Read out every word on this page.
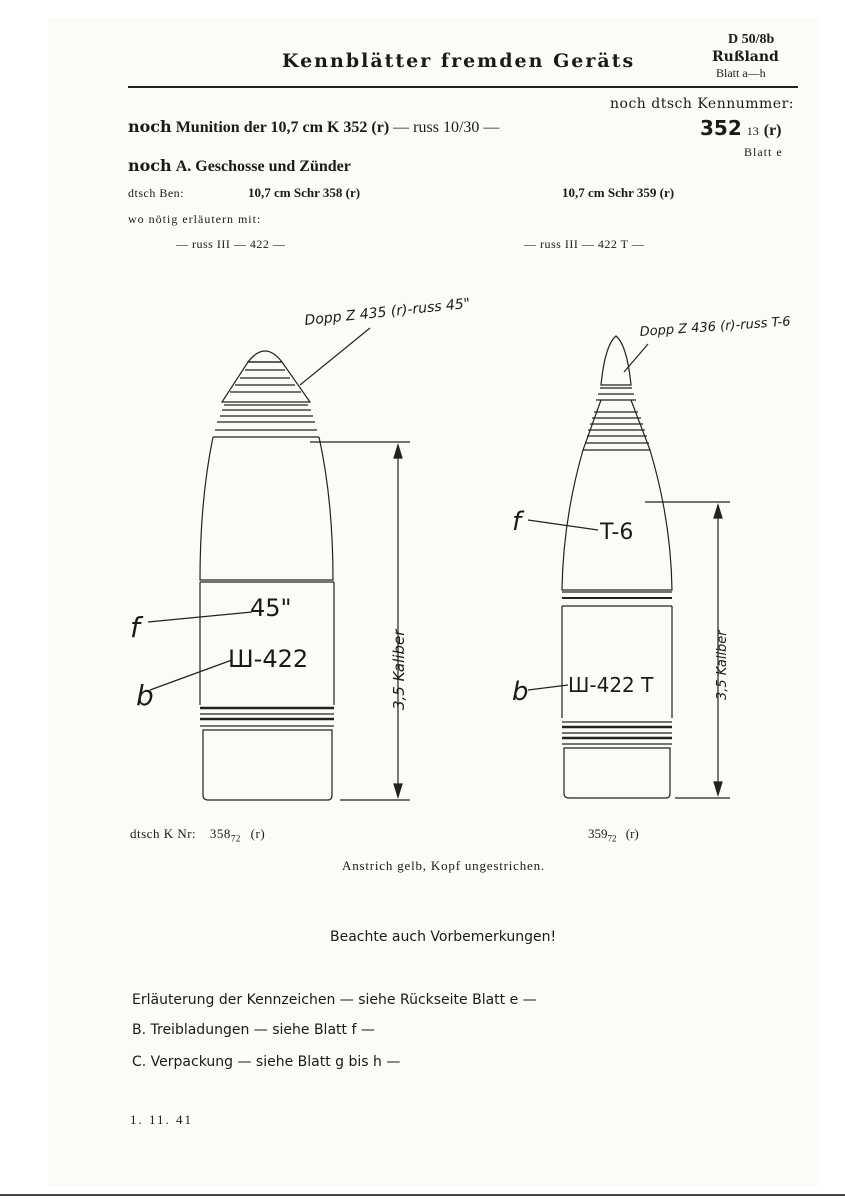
Kennblätter fremden Geräts
D 50/8b
Rußland
Blatt a—h
noch dtsch Kennummer:
352 13 (r)
Blatt e
noch Munition der 10,7 cm K 352 (r) — russ 10/30 —
noch A. Geschosse und Zünder
dtsch Ben:	10,7 cm Schr 358 (r)	10,7 cm Schr 359 (r)
wo nötig erläutern mit:
— russ III — 422 —	— russ III — 422 T —
Dopp Z 435 (r)-russ 45"
45"
Ш-422
f
b	3,5 Kaliber
Dopp Z 436 (r)-russ T-6
T-6
Ш-422 T
f
b	3,5 Kaliber
dtsch K Nr: $358_{72}$ (r)	$359_{72}$ (r)
Anstrich gelb, Kopf ungestrichen.
Beachte auch Vorbemerkungen!
Erläuterung der Kennzeichen — siehe Rückseite Blatt e —
B. Treibladungen — siehe Blatt f —
C. Verpackung — siehe Blatt g bis h —
1. 11. 41
